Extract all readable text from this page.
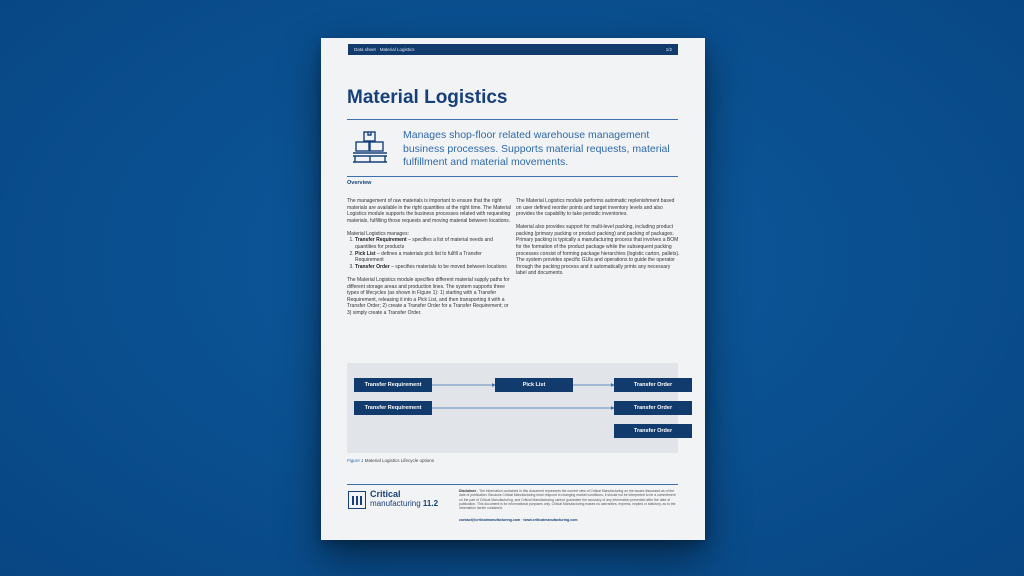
Data sheet · Material Logistics	1/2
Material Logistics
Manages shop-floor related warehouse management business processes. Supports material requests, material fulfillment and material movements.
Overview

The management of raw materials is important to ensure that the right materials are available in the right quantities at the right time. The Material Logistics module supports the business processes related with requesting materials, fulfilling those requests and moving material between locations.

Material Logistics manages:
1. Transfer Requirement – specifies a list of material needs and quantities for products
2. Pick List – defines a materials pick list to fulfill a Transfer Requirement
3. Transfer Order – specifies materials to be moved between locations

The Material Logistics module specifies different material supply paths for different storage areas and production lines. The system supports three types of lifecycles (as shown in Figure 1): 1) starting with a Transfer Requirement, releasing it into a Pick List, and then transporting it with a Transfer Order; 2) create a Transfer Order for a Transfer Requirement; or 3) simply create a Transfer Order.

The Material Logistics module performs automatic replenishment based on user defined reorder points and target inventory levels and also provides the capability to take periodic inventories.

Material also provides support for multi-level packing, including product packing (primary packing or product packing) and packing of packages. Primary packing is typically a manufacturing process that involves a BOM for the formation of the product package while the subsequent packing processes consist of forming package hierarchies (logistic carton, pallets). The system provides specific GUIs and operations to guide the operator through the packing process and it automatically prints any necessary label and documents.

Transfer Requirement	Pick List	Transfer Order
Transfer Requirement	Transfer Order
Transfer Order
Figure 1 Material Logistics Lifecycle options
Critical
manufacturing 11.2
Disclaimer - The information contained in this document represents the current view of Critical Manufacturing on the issues discussed as of the date of publication. Because Critical Manufacturing must respond to changing market conditions, it should not be interpreted to be a commitment on the part of Critical Manufacturing, and Critical Manufacturing cannot guarantee the accuracy of any information presented after the date of publication. This document is for informational purposes only. Critical Manufacturing makes no warranties, express, implied or statutory, as to the information herein contained.
contact@criticalmanufacturing.com · www.criticalmanufacturing.com
